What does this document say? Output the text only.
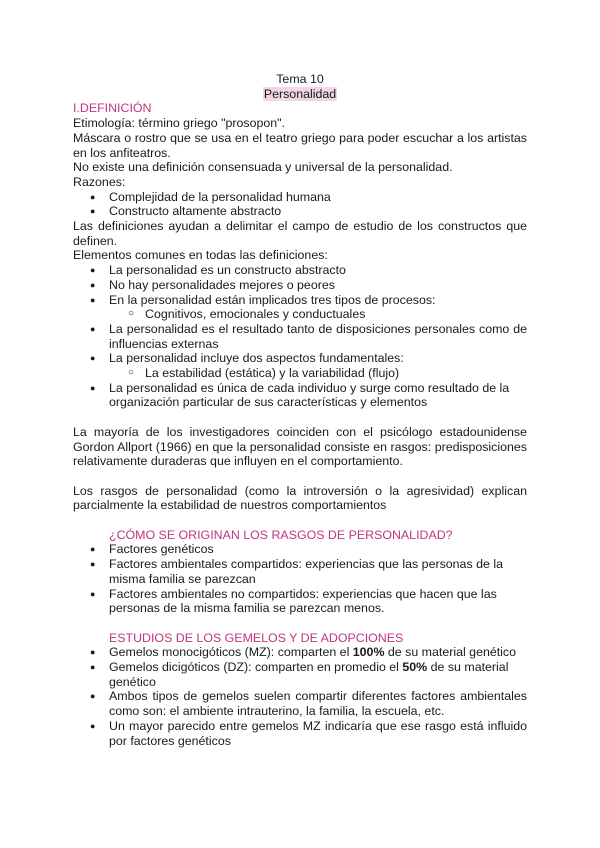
Tema 10

Personalidad

I.DEFINICIÓN

Etimología: término griego "prosopon".

Máscara o rostro que se usa en el teatro griego para poder escuchar a los artistas en los anfiteatros.

No existe una definición consensuada y universal de la personalidad.

Razones:

● Complejidad de la personalidad humana
● Constructo altamente abstracto

Las definiciones ayudan a delimitar el campo de estudio de los constructos que definen.

Elementos comunes en todas las definiciones:

● La personalidad es un constructo abstracto
● No hay personalidades mejores o peores
● En la personalidad están implicados tres tipos de procesos:
○ Cognitivos, emocionales y conductuales
● La personalidad es el resultado tanto de disposiciones personales como de influencias externas
● La personalidad incluye dos aspectos fundamentales:
○ La estabilidad (estática) y la variabilidad (flujo)
● La personalidad es única de cada individuo y surge como resultado de la organización particular de sus características y elementos

La mayoría de los investigadores coinciden con el psicólogo estadounidense Gordon Allport (1966) en que la personalidad consiste en rasgos: predisposiciones relativamente duraderas que influyen en el comportamiento.

Los rasgos de personalidad (como la introversión o la agresividad) explican parcialmente la estabilidad de nuestros comportamientos

¿CÓMO SE ORIGINAN LOS RASGOS DE PERSONALIDAD?

● Factores genéticos
● Factores ambientales compartidos: experiencias que las personas de la misma familia se parezcan
● Factores ambientales no compartidos: experiencias que hacen que las personas de la misma familia se parezcan menos.

ESTUDIOS DE LOS GEMELOS Y DE ADOPCIONES

● Gemelos monocigóticos (MZ): comparten el 100% de su material genético
● Gemelos dicigóticos (DZ): comparten en promedio el 50% de su material genético
● Ambos tipos de gemelos suelen compartir diferentes factores ambientales como son: el ambiente intrauterino, la familia, la escuela, etc.
● Un mayor parecido entre gemelos MZ indicaría que ese rasgo está influido por factores genéticos
